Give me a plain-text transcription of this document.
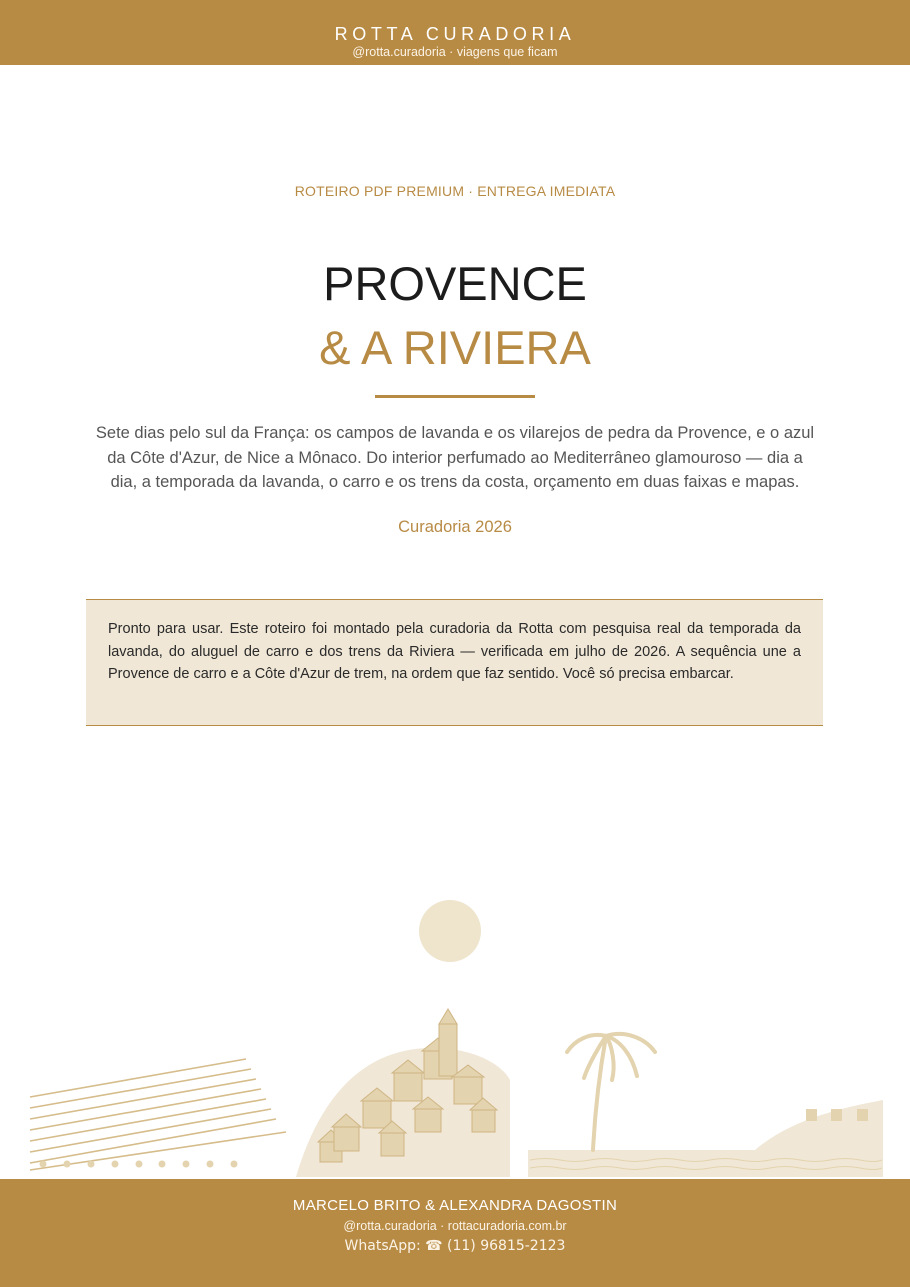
ROTTA CURADORIA
@rotta.curadoria · viagens que ficam
ROTEIRO PDF PREMIUM · ENTREGA IMEDIATA
PROVENCE
& A RIVIERA
Sete dias pelo sul da França: os campos de lavanda e os vilarejos de pedra da Provence, e o azul da Côte d'Azur, de Nice a Mônaco. Do interior perfumado ao Mediterrâneo glamouroso — dia a dia, a temporada da lavanda, o carro e os trens da costa, orçamento em duas faixas e mapas.
Curadoria 2026

Pronto para usar. Este roteiro foi montado pela curadoria da Rotta com pesquisa real da temporada da lavanda, do aluguel de carro e dos trens da Riviera — verificada em julho de 2026. A sequência une a Provence de carro e a Côte d'Azur de trem, na ordem que faz sentido. Você só precisa embarcar.

MARCELO BRITO & ALEXANDRA DAGOSTIN
@rotta.curadoria · rottacuradoria.com.br
WhatsApp: ☎ (11) 96815-2123
